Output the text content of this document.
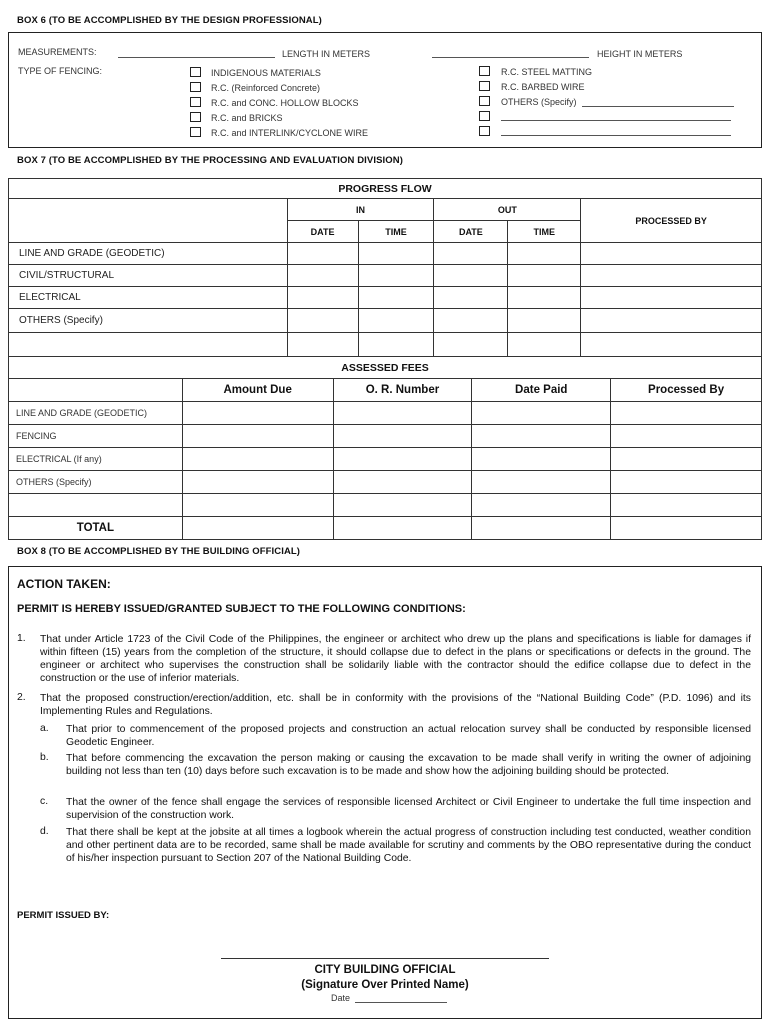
BOX 6 (TO BE ACCOMPLISHED BY THE DESIGN PROFESSIONAL)
MEASUREMENTS:	LENGTH IN METERS	HEIGHT IN METERS
TYPE OF FENCING:	INDIGENOUS MATERIALS
R.C. (Reinforced Concrete)
R.C. and CONC. HOLLOW BLOCKS
R.C. and BRICKS
R.C. and INTERLINK/CYCLONE WIRE
R.C. STEEL MATTING
R.C. BARBED WIRE
OTHERS (Specify)
BOX 7 (TO BE ACCOMPLISHED BY THE PROCESSING AND EVALUATION DIVISION)
PROGRESS FLOW					
	IN		OUT		PROCESSED BY
	DATE	TIME	DATE	TIME	
LINE AND GRADE (GEODETIC)					
CIVIL/STRUCTURAL					
ELECTRICAL					
OTHERS (Specify)					

ASSESSED FEES				
	Amount Due	O. R. Number	Date Paid	Processed By
LINE AND GRADE (GEODETIC)				
FENCING				
ELECTRICAL (If any)				
OTHERS (Specify)				

TOTAL				
BOX 8 (TO BE ACCOMPLISHED BY THE BUILDING OFFICIAL)
ACTION TAKEN:
PERMIT IS HEREBY ISSUED/GRANTED SUBJECT TO THE FOLLOWING CONDITIONS:
1. That under Article 1723 of the Civil Code of the Philippines, the engineer or architect who drew up the plans and specifications is liable for damages if within fifteen (15) years from the completion of the structure, it should collapse due to defect in the plans or specifications or defects in the ground. The engineer or architect who supervises the construction shall be solidarily liable with the contractor should the edifice collapse due to defect in the construction or the use of inferior materials.
2. That the proposed construction/erection/addition, etc. shall be in conformity with the provisions of the “National Building Code” (P.D. 1096) and its Implementing Rules and Regulations.
a. That prior to commencement of the proposed projects and construction an actual relocation survey shall be conducted by responsible licensed Geodetic Engineer.
b. That before commencing the excavation the person making or causing the excavation to be made shall verify in writing the owner of adjoining building not less than ten (10) days before such excavation is to be made and show how the adjoining building should be protected.
c. That the owner of the fence shall engage the services of responsible licensed Architect or Civil Engineer to undertake the full time inspection and supervision of the construction work.
d. That there shall be kept at the jobsite at all times a logbook wherein the actual progress of construction including test conducted, weather condition and other pertinent data are to be recorded, same shall be made available for scrutiny and comments by the OBO representative during the conduct of his/her inspection pursuant to Section 207 of the National Building Code.
PERMIT ISSUED BY:
CITY BUILDING OFFICIAL
(Signature Over Printed Name)
Date
